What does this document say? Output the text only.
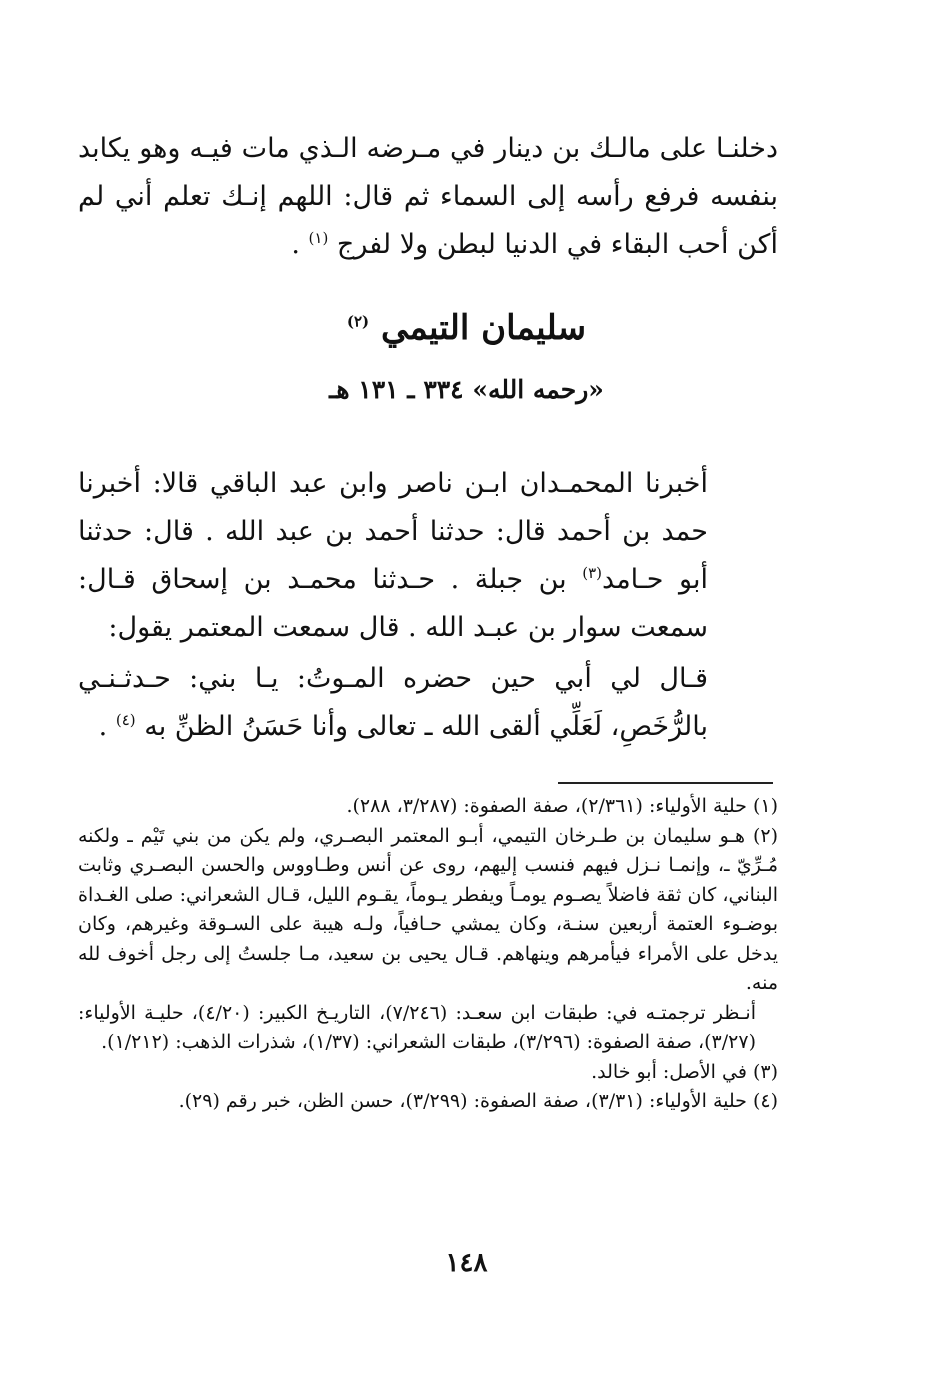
دخلنـا على مالـك بن دينار في مـرضه الـذي مات فيـه وهو يكابد بنفسه فرفع رأسه إلى السماء ثم قال: اللهم إنـك تعلم أني لم أكن أحب البقاء في الدنيا لبطن ولا لفرج $^{(١)}$ .

سليمان التيمي $^{(٢)}$
«رحمه الله» ٣٣٤ ـ ١٣١ هـ

أخبرنا المحمـدان ابـن ناصر وابن عبد الباقي قالا: أخبرنا حمد بن أحمد قال: حدثنا أحمد بن عبد الله . قال: حدثنا أبو حـامد$^{(٣)}$ بن جبلة . حـدثنا محمـد بن إسحاق قـال: سمعت سوار بن عبـد الله . قال سمعت المعتمر يقول:

قـال لي أبي حين حضره المـوتُ: يـا بني: حـدثـنـي بالرُّخَصِ، لَعَلِّي ألقى الله ـ تعالى وأنا حَسَنُ الظنِّ به $^{(٤)}$ .

(١) حلية الأولياء: (٢/٣٦١)، صفة الصفوة: (٣/٢٨٧، ٢٨٨).

(٢) هـو سليمان بن طـرخان التيمي، أبـو المعتمر البصـري، ولم يكن من بني تَيْم ـ ولكنه مُـرِّيّ ـ، وإنمـا نـزل فيهم فنسب إليهم، روى عن أنس وطـاووس والحسن البصـري وثابت البناني، كان ثقة فاضلاً يصـوم يومـاً ويفطر يـوماً، يقـوم الليل، قـال الشعراني: صلى الغـداة بوضـوء العتمة أربعين سنـة، وكان يمشي حـافياً، ولـه هيبة على السـوقة وغيرهم، وكان يدخل على الأمراء فيأمرهم وينهاهم. قـال يحيى بن سعيد، مـا جلستُ إلى رجل أخوف لله منه.

أنـظر ترجمتـه في: طبقات ابن سعـد: (٧/٢٤٦)، التاريـخ الكبير: (٤/٢٠)، حليـة الأولياء: (٣/٢٧)، صفة الصفوة: (٣/٢٩٦)، طبقات الشعراني: (١/٣٧)، شذرات الذهب: (١/٢١٢).

(٣) في الأصل: أبو خالد.

(٤) حلية الأولياء: (٣/٣١)، صفة الصفوة: (٣/٢٩٩)، حسن الظن، خبر رقم (٢٩).

١٤٨
